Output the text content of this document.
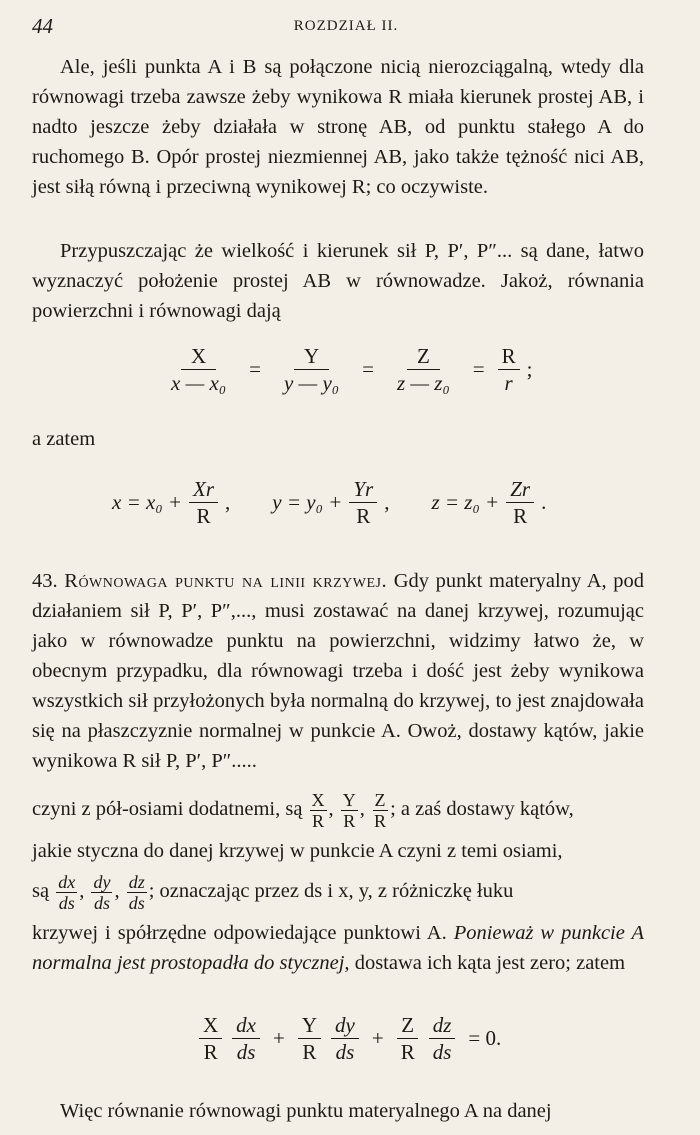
44	ROZDZIAŁ II.

Ale, jeśli punkta A i B są połączone nicią nierozciągalną, wtedy dla równowagi trzeba zawsze żeby wynikowa R miała kierunek prostej AB, i nadto jeszcze żeby działała w stronę AB, od punktu stałego A do ruchomego B. Opór prostej niezmiennej AB, jako także tężność nici AB, jest siłą równą i przeciwną wynikowej R; co oczywiste.

Przypuszczając że wielkość i kierunek sił P, P′, P″... są dane, łatwo wyznaczyć położenie prostej AB w równowadze. Jakoż, równania powierzchni i równowagi dają

$\frac{X}{\text{x — x₀}} = \frac{Y}{\text{y — y₀}} = \frac{Z}{\text{z — z₀}} = \frac{R}{r}$ ;
a zatem
$x = x_0 + \frac{Xr}{R}$ , $y = y_0 + \frac{Yr}{R}$ , $z = z_0 + \frac{Zr}{R}$ .

43. Równowaga punktu na linii krzywej. Gdy punkt materyalny A, pod działaniem sił P, P′, P″,..., musi zostawać na danej krzywej, rozumując jako w równowadze punktu na powierzchni, widzimy łatwo że, w obecnym przypadku, dla równowagi trzeba i dość jest żeby wynikowa wszystkich sił przyłożonych była normalną do krzywej, to jest znajdowała się na płaszczyznie normalnej w punkcie A. Owoż, dostawy kątów, jakie wynikowa R sił P, P′, P″.....

czyni z pół-osiami dodatnemi, są $\frac{X}{R}$ , $\frac{Y}{R}$ , $\frac{Z}{R}$ ; a zaś dostawy kątów,
jakie styczna do danej krzywej w punkcie A czyni z temi osiami,
są $\frac{dx}{ds}$ , $\frac{dy}{ds}$ , $\frac{dz}{ds}$ ; oznaczając przez ds i x, y, z różniczkę łuku

krzywej i spółrzędne odpowiedające punktowi A. Ponieważ w punkcie A normalna jest prostopadła do stycznej, dostawa ich kąta jest zero; zatem

$\frac{X}{R} \frac{dx}{ds} + \frac{Y}{R} \frac{dy}{ds} + \frac{Z}{R} \frac{dz}{ds} = 0$.

Więc równanie równowagi punktu materyalnego A na danej
